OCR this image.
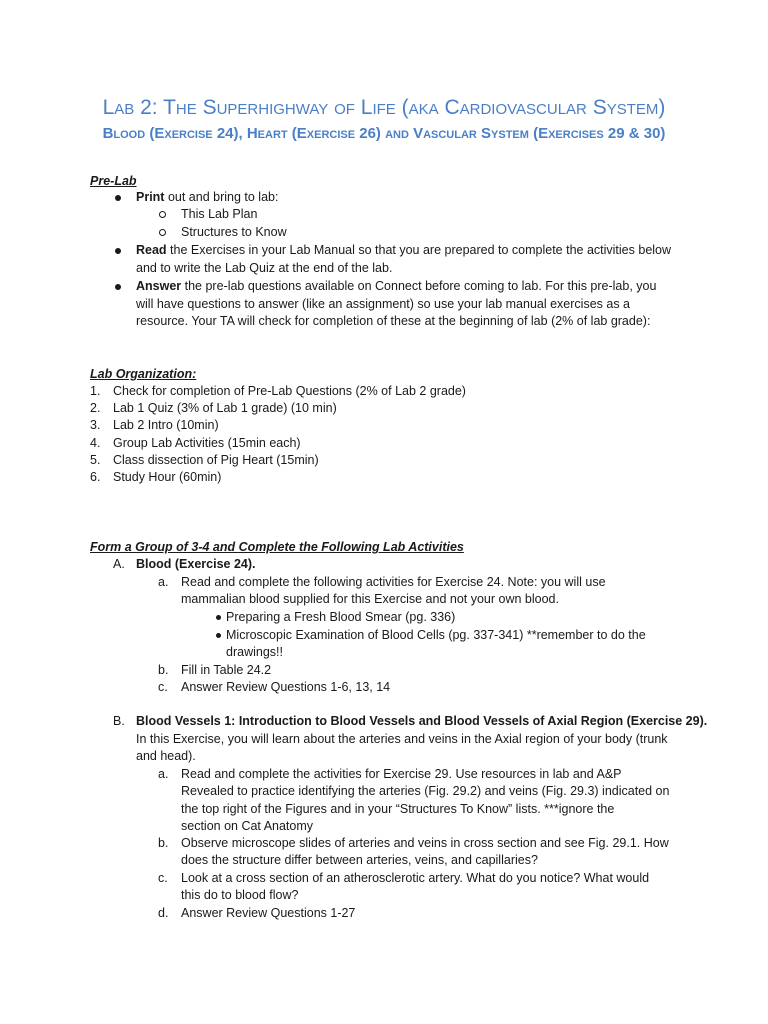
Lab 2: The Superhighway of Life (aka Cardiovascular System)
Blood (Exercise 24), Heart (Exercise 26) and Vascular System (Exercises 29 & 30)
Pre-Lab
Print out and bring to lab:
This Lab Plan
Structures to Know
Read the Exercises in your Lab Manual so that you are prepared to complete the activities below
and to write the Lab Quiz at the end of the lab.
Answer the pre-lab questions available on Connect before coming to lab. For this pre-lab, you
will have questions to answer (like an assignment) so use your lab manual exercises as a
resource. Your TA will check for completion of these at the beginning of lab (2% of lab grade):
Lab Organization:
1. Check for completion of Pre-Lab Questions (2% of Lab 2 grade)
2. Lab 1 Quiz (3% of Lab 1 grade) (10 min)
3. Lab 2 Intro (10min)
4. Group Lab Activities (15min each)
5. Class dissection of Pig Heart (15min)
6. Study Hour (60min)
Form a Group of 3-4 and Complete the Following Lab Activities
A. Blood (Exercise 24).
a. Read and complete the following activities for Exercise 24. Note: you will use
mammalian blood supplied for this Exercise and not your own blood.
Preparing a Fresh Blood Smear (pg. 336)
Microscopic Examination of Blood Cells (pg. 337-341) **remember to do the
drawings!!
b. Fill in Table 24.2
c. Answer Review Questions 1-6, 13, 14
B. Blood Vessels 1: Introduction to Blood Vessels and Blood Vessels of Axial Region (Exercise 29).
In this Exercise, you will learn about the arteries and veins in the Axial region of your body (trunk
and head).
a. Read and complete the activities for Exercise 29. Use resources in lab and A&P
Revealed to practice identifying the arteries (Fig. 29.2) and veins (Fig. 29.3) indicated on
the top right of the Figures and in your “Structures To Know” lists. ***ignore the
section on Cat Anatomy
b. Observe microscope slides of arteries and veins in cross section and see Fig. 29.1. How
does the structure differ between arteries, veins, and capillaries?
c. Look at a cross section of an atherosclerotic artery. What do you notice? What would
this do to blood flow?
d. Answer Review Questions 1-27
